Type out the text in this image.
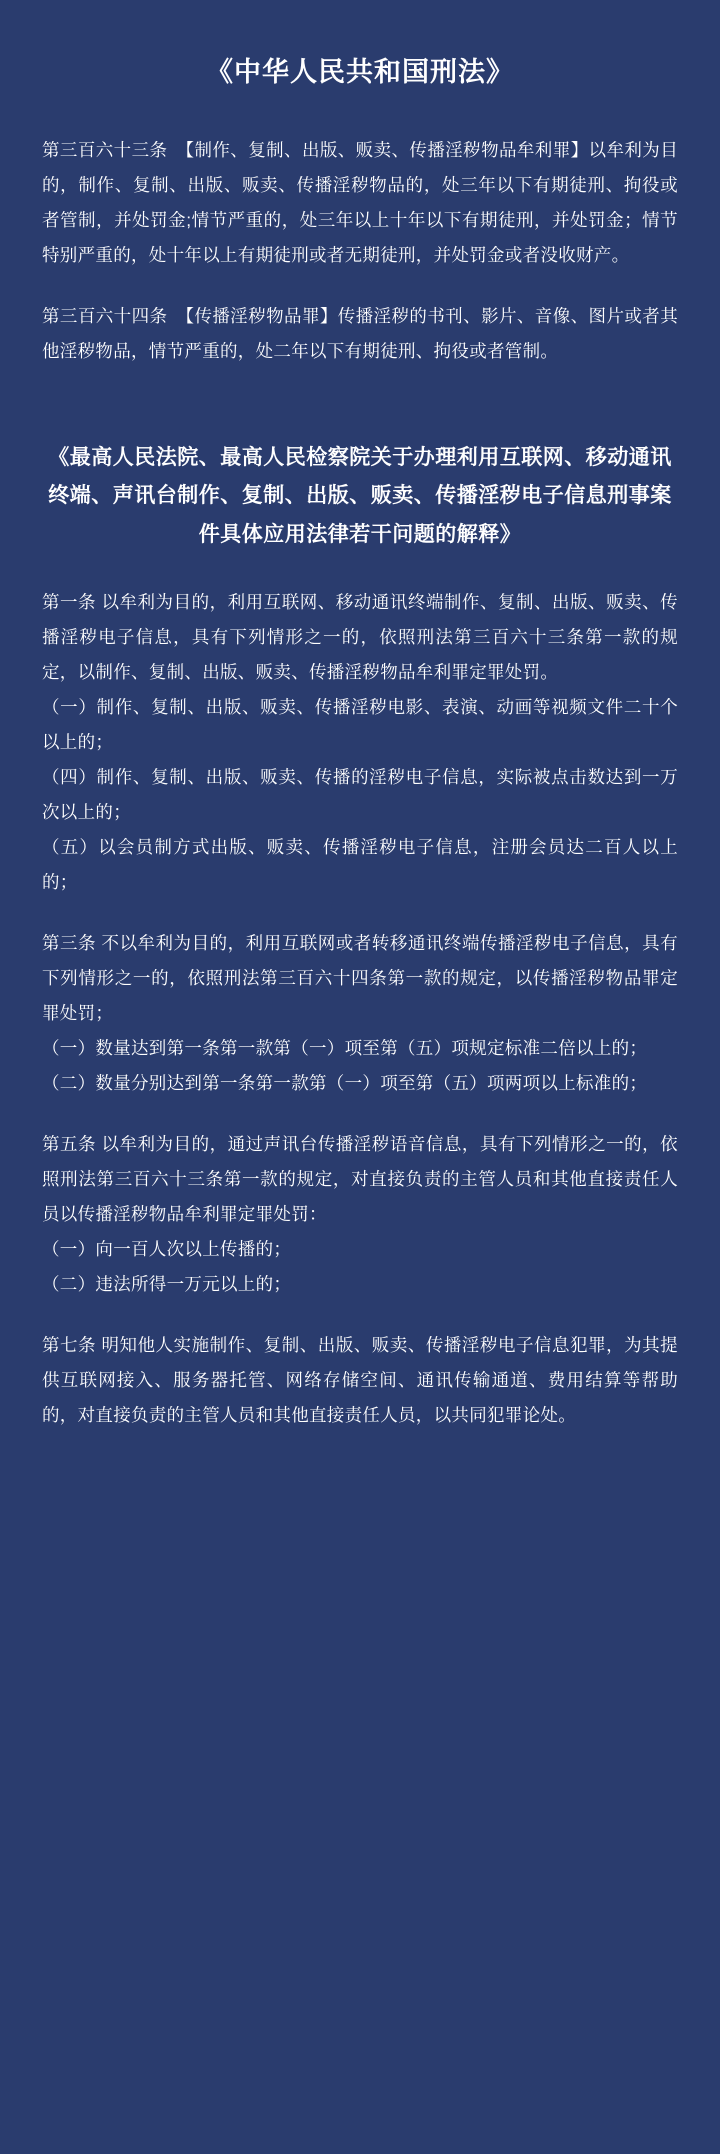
《中华人民共和国刑法》

第三百六十三条　【制作、复制、出版、贩卖、传播淫秽物品牟利罪】以牟利为目的，制作、复制、出版、贩卖、传播淫秽物品的，处三年以下有期徒刑、拘役或者管制，并处罚金;情节严重的，处三年以上十年以下有期徒刑，并处罚金；情节特别严重的，处十年以上有期徒刑或者无期徒刑，并处罚金或者没收财产。

第三百六十四条　【传播淫秽物品罪】传播淫秽的书刊、影片、音像、图片或者其他淫秽物品，情节严重的，处二年以下有期徒刑、拘役或者管制。

《最高人民法院、最高人民检察院关于办理利用互联网、移动通讯终端、声讯台制作、复制、出版、贩卖、传播淫秽电子信息刑事案件具体应用法律若干问题的解释》

第一条 以牟利为目的，利用互联网、移动通讯终端制作、复制、出版、贩卖、传播淫秽电子信息，具有下列情形之一的，依照刑法第三百六十三条第一款的规定，以制作、复制、出版、贩卖、传播淫秽物品牟利罪定罪处罚。

（一）制作、复制、出版、贩卖、传播淫秽电影、表演、动画等视频文件二十个以上的；

（四）制作、复制、出版、贩卖、传播的淫秽电子信息，实际被点击数达到一万次以上的；

（五）以会员制方式出版、贩卖、传播淫秽电子信息，注册会员达二百人以上的；

第三条 不以牟利为目的，利用互联网或者转移通讯终端传播淫秽电子信息，具有下列情形之一的，依照刑法第三百六十四条第一款的规定，以传播淫秽物品罪定罪处罚；

（一）数量达到第一条第一款第（一）项至第（五）项规定标准二倍以上的；

（二）数量分别达到第一条第一款第（一）项至第（五）项两项以上标准的；

第五条 以牟利为目的，通过声讯台传播淫秽语音信息，具有下列情形之一的，依照刑法第三百六十三条第一款的规定，对直接负责的主管人员和其他直接责任人员以传播淫秽物品牟利罪定罪处罚：

（一）向一百人次以上传播的；

（二）违法所得一万元以上的；

第七条 明知他人实施制作、复制、出版、贩卖、传播淫秽电子信息犯罪，为其提供互联网接入、服务器托管、网络存储空间、通讯传输通道、费用结算等帮助的，对直接负责的主管人员和其他直接责任人员，以共同犯罪论处。
